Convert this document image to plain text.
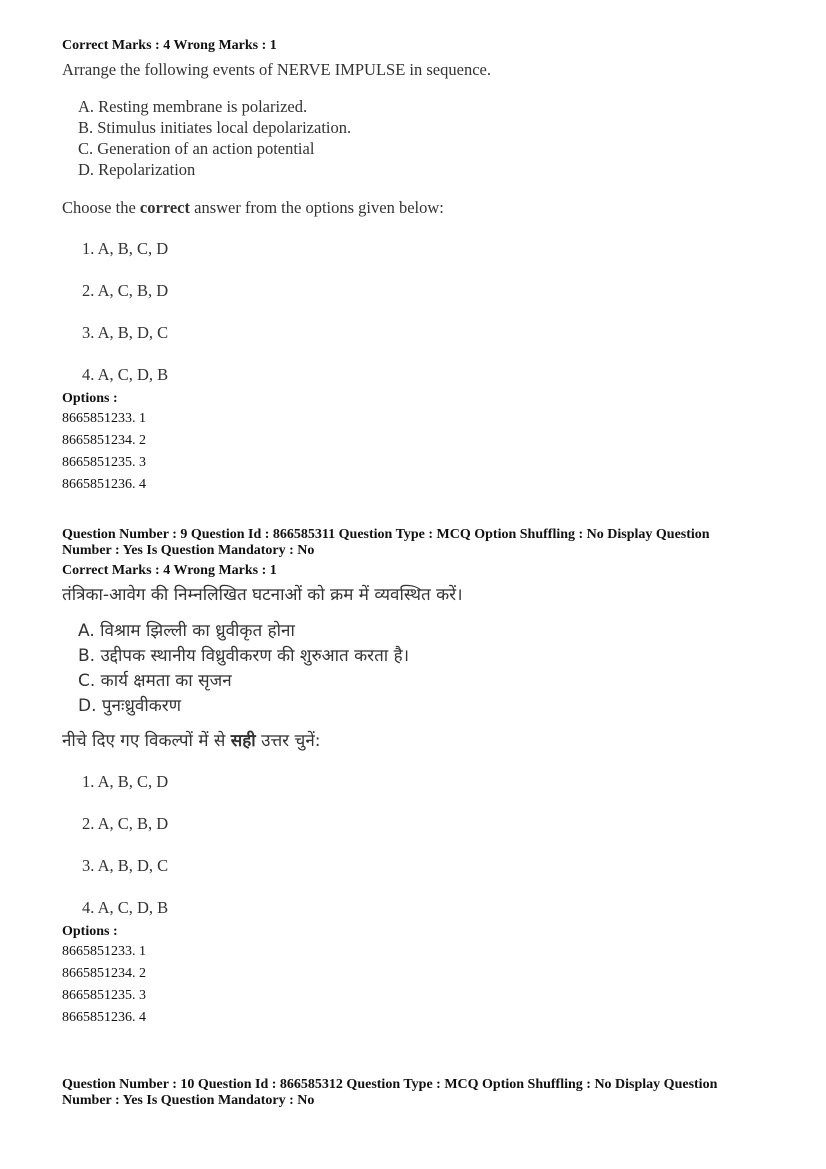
Correct Marks : 4 Wrong Marks : 1

Arrange the following events of NERVE IMPULSE in sequence.

A. Resting membrane is polarized.

B. Stimulus initiates local depolarization.

C. Generation of an action potential

D. Repolarization

Choose the correct answer from the options given below:

1. A, B, C, D
2. A, C, B, D
3. A, B, D, C
4. A, C, D, B
Options :
8665851233. 1
8665851234. 2
8665851235. 3
8665851236. 4
Question Number : 9 Question Id : 866585311 Question Type : MCQ Option Shuffling : No Display Question
Number : Yes Is Question Mandatory : No
Correct Marks : 4 Wrong Marks : 1

तंत्रिका-आवेग की निम्नलिखित घटनाओं को क्रम में व्यवस्थित करें।

A. विश्राम झिल्ली का ध्रुवीकृत होना
B. उद्दीपक स्थानीय विध्रुवीकरण की शुरुआत करता है।
C. कार्य क्षमता का सृजन
D. पुनःध्रुवीकरण

नीचे दिए गए विकल्पों में से सही उत्तर चुनें:

1. A, B, C, D
2. A, C, B, D
3. A, B, D, C
4. A, C, D, B
Options :
8665851233. 1
8665851234. 2
8665851235. 3
8665851236. 4
Question Number : 10 Question Id : 866585312 Question Type : MCQ Option Shuffling : No Display Question
Number : Yes Is Question Mandatory : No
